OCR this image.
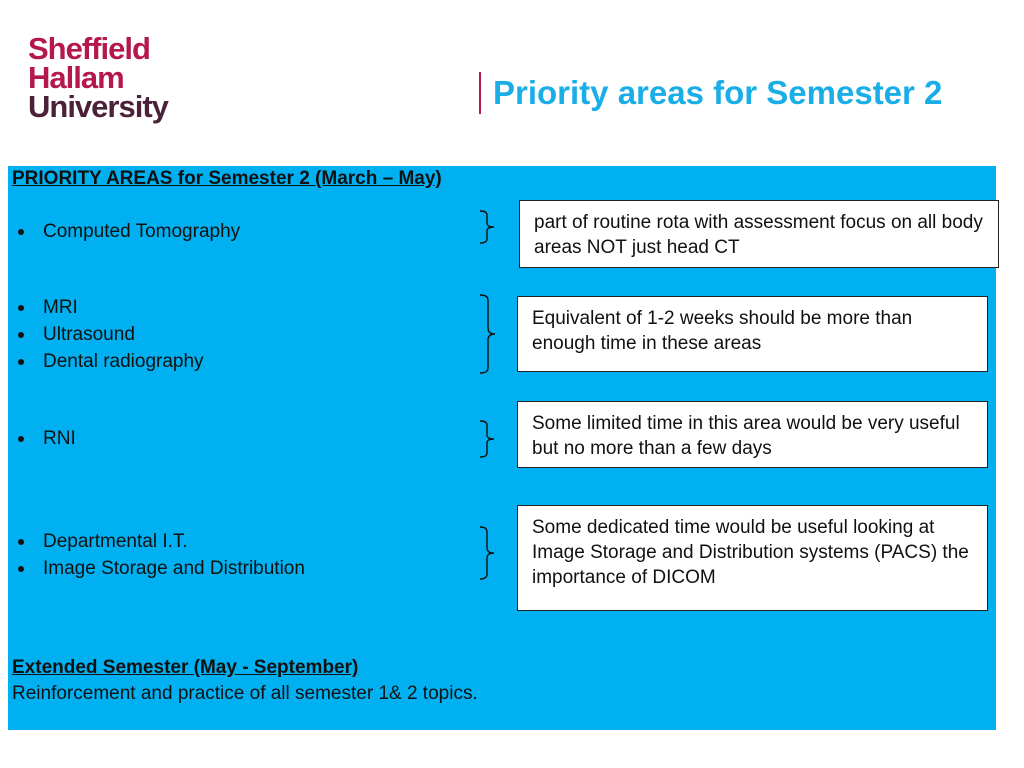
Sheffield
Hallam
University	Priority areas for Semester 2
PRIORITY AREAS for Semester 2 (March – May)
Computed Tomography	part of routine rota with assessment focus on all body areas NOT just head CT
MRI
Ultrasound
Dental radiography
Equivalent of 1-2 weeks should be more than enough time in these areas
RNI
Some limited time in this area would be very useful but no more than a few days
Departmental I.T.
Image Storage and Distribution
Some dedicated time would be useful looking at Image Storage and Distribution systems (PACS) the importance of DICOM
Extended Semester (May - September)
Reinforcement and practice of all semester 1& 2 topics.
